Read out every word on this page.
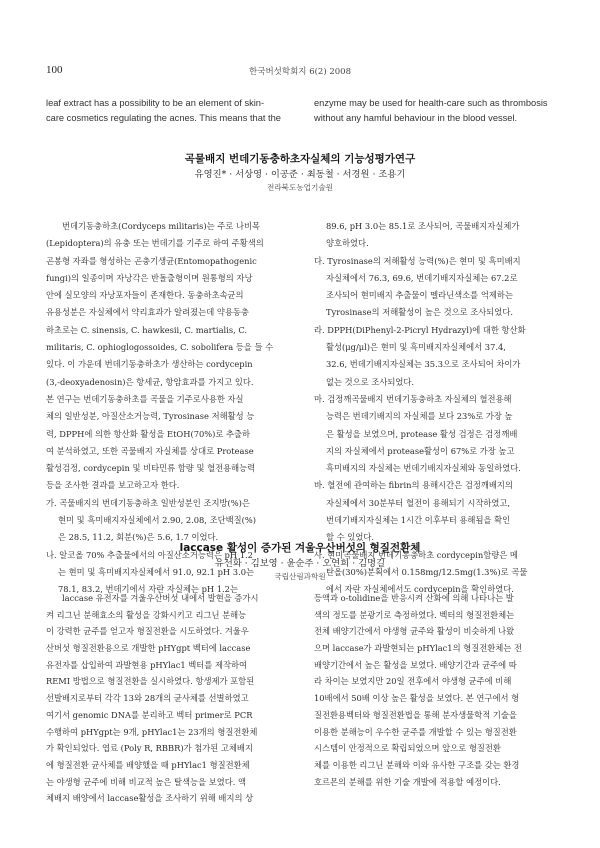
100	한국버섯학회지 6(2) 2008
leaf extract has a possibility to be an element of skin-
care cosmetics regulating the acnes. This means that the
enzyme may be used for health-care such as thrombosis
without any hamful behaviour in the blood vessel.
곡물배지 번데기동충하초자실체의 기능성평가연구
유영진* · 서상영 · 이공준 · 최동철 · 서경원 · 조용기
전라북도농업기술원
번데기동충하초(Cordyceps militaris)는 주로 나비목
(Lepidoptera)의 유충 또는 번데기를 기주로 하여 주황색의
곤봉형 자좌를 형성하는 곤충기생균(Entomopathogenic
fungi)의 일종이며 자낭각은 반돌출형이며 원통형의 자낭
안에 실모양의 자낭포자들이 존재한다. 동충하초속균의
유용성분은 자실체에서 약리효과가 알려졌는데 약용동충
하초로는 C. sinensis, C. hawkesii, C. martialis, C.
militaris, C. ophioglogossoides, C. sobolifera 등을 들 수
있다. 이 가운데 번데기동충하초가 생산하는 cordycepin
(3,-deoxyadenosin)은 항세균, 항암효과를 가지고 있다.
본 연구는 번데기동충하초를 곡물을 기주로사용한 자실
체의 일반성분, 아질산소거능력, Tyrosinase 저해활성 능
력, DPPH에 의한 항산화 활성을 EtOH(70%)로 추출하
여 분석하였고, 또한 곡물배지 자실체를 상대로 Protease
활성검정, cordycepin 및 비타민류 함량 및 혈전용해능력
등을 조사한 결과를 보고하고자 한다.
가. 곡물배지의 번데기동충하초 일반성분인 조지방(%)은
현미 및 흑미배지자실체에서 2.90, 2.08, 조단백질(%)
은 28.5, 11.2, 회분(%)은 5.6, 1.7 이었다.
나. 알코올 70% 추출물에서의 아질산소거능력은 pH 1.2
는 현미 및 흑미배지자실체에서 91.0, 92.1 pH 3.0는
78.1, 83.2, 번데기에서 자란 자실체는 pH 1.2는
89.6, pH 3.0는 85.1로 조사되어, 곡물배지자실체가
양호하였다.
다. Tyrosinase의 저해활성 능력(%)은 현미 및 흑미배지
자실체에서 76.3, 69.6, 번데기배지자실체는 67.2로
조사되어 현미배지 추출물이 멜라닌색소를 억제하는
Tyrosinase의 저해활성이 높은 것으로 조사되었다.
라. DPPH(DiPhenyl-2-Picryl Hydrazyl)에 대한 항산화
활성(μg/μl)은 현미 및 흑미배지자실체에서 37.4,
32.6, 번데기배지자실체는 35.3으로 조사되어 차이가
없는 것으로 조사되었다.
마. 검정깨곡물배지 번데기동충하초 자실체의 혈전용해
능력은 번데기배지의 자실체를 보다 23%로 가장 높
은 활성을 보였으며, protease 활성 검정은 검정깨배
지의 자실체에서 protease활성이 67%로 가장 높고
흑미배지의 자실체는 번데기배지자실체와 동일하였다.
바. 혈전에 관여하는 fibrin의 용해시간은 검정깨배지의
자실체에서 30분부터 혈전이 용해되기 시작하였고,
번데기배지자실체는 1시간 이후부터 용해됨을 확인
할 수 있었다.
사. 현미곡물배지 번데기동충하초 cordycepin함량은 메
탄올(30%)분획에서 0.158mg/12.5mg(1.3%)로 곡물
에서 자란 자실체에서도 cordycepin을 확인하였다.
laccase 활성이 증가된 겨울우산버섯의 형질전환체
유선화 · 김보영 · 윤순주 · 오연희 · 김명길
국립산림과학원
laccase 유전자를 겨울우산버섯 내에서 발현을 증가시
켜 리그닌 분해효소의 활성을 강화시키고 리그닌 분해능
이 강력한 균주를 얻고자 형질전환을 시도하였다. 겨울우
산버섯 형질전환용으로 개발한 pHYgpt 벡터에 laccase
유전자를 삽입하여 과발현용 pHYlac1 벡터를 제작하여
REMI 방법으로 형질전환을 실시하였다. 항생제가 포함된
선발배지로부터 각각 13와 28개의 균사체를 선별하였고
여기서 genomic DNA를 분리하고 벡터 primer로 PCR
수행하여 pHYgpt는 9개, pHYlac1는 23개의 형질전환체
가 확인되었다. 엽료 (Poly R, RBBR)가 첨가된 고체배지
에 형질전환 균사체를 배양했을 때 pHYlac1 형질전환체
는 야생형 균주에 비해 비교적 높은 탈색능을 보였다. 액
체배지 배양에서 laccase활성을 조사하기 위해 배지의 상
등액과 o-tolidine을 반응시켜 산화에 의해 나타나는 발
색의 정도를 분광기로 측정하였다. 벡터의 형질전환체는
전체 배양기간에서 야생형 균주와 활성이 비슷하게 나왔
으며 laccase가 과발현되는 pHYlac1의 형질전환체는 전
배양기간에서 높은 활성을 보였다. 배양기간과 균주에 따
라 차이는 보였지만 20일 전후에서 야생형 균주에 비해
10배에서 50배 이상 높은 활성을 보였다. 본 연구에서 형
질전환용벡터와 형질전환법을 통해 분자생물학적 기술을
이용한 분해능이 우수한 균주를 개발할 수 있는 형질전환
시스템이 안정적으로 확립되었으며 앞으로 형질전환
체를 이용한 리그닌 분해와 이와 유사한 구조를 갖는 환경
호르몬의 분해를 위한 기술 개발에 적용할 예정이다.
